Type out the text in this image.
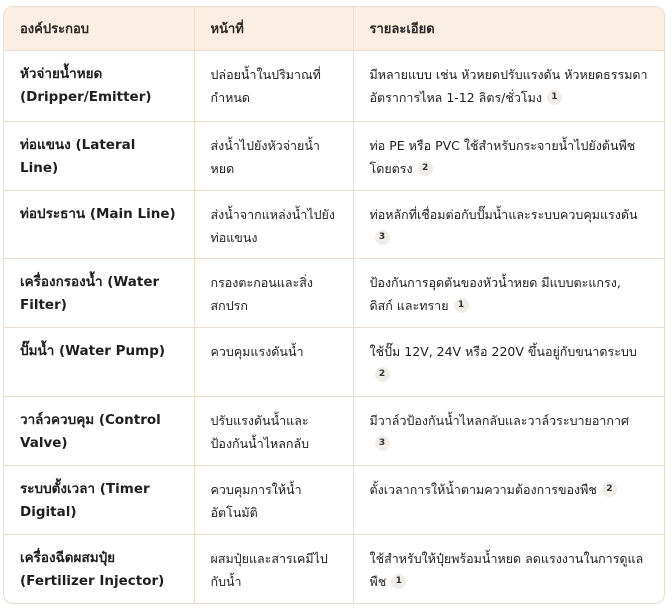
องค์ประกอบ	หน้าที่	รายละเอียด
หัวจ่ายน้ำหยด (Dripper/Emitter)	ปล่อยน้ำในปริมาณที่กำหนด	มีหลายแบบ เช่น หัวหยดปรับแรงดัน หัวหยดธรรมดา อัตราการไหล 1-12 ลิตร/ชั่วโมง 1
ท่อแขนง (Lateral Line)	ส่งน้ำไปยังหัวจ่ายน้ำหยด	ท่อ PE หรือ PVC ใช้สำหรับกระจายน้ำไปยังต้นพืชโดยตรง 2
ท่อประธาน (Main Line)	ส่งน้ำจากแหล่งน้ำไปยังท่อแขนง	ท่อหลักที่เชื่อมต่อกับปั๊มน้ำและระบบควบคุมแรงดัน3
เครื่องกรองน้ำ (Water Filter)	กรองตะกอนและสิ่งสกปรก	ป้องกันการอุดตันของหัวน้ำหยด มีแบบตะแกรง, ดิสก์ และทราย 1
ปั๊มน้ำ (Water Pump)	ควบคุมแรงดันน้ำ	ใช้ปั๊ม 12V, 24V หรือ 220V ขึ้นอยู่กับขนาดระบบ2
วาล์วควบคุม (Control Valve)	ปรับแรงดันน้ำและป้องกันน้ำไหลกลับ	มีวาล์วป้องกันน้ำไหลกลับและวาล์วระบายอากาศ3
ระบบตั้งเวลา (Timer Digital)	ควบคุมการให้น้ำอัตโนมัติ	ตั้งเวลาการให้น้ำตามความต้องการของพืช 2
เครื่องฉีดผสมปุ๋ย (Fertilizer Injector)	ผสมปุ๋ยและสารเคมีไปกับน้ำ	ใช้สำหรับให้ปุ๋ยพร้อมน้ำหยด ลดแรงงานในการดูแลพืช 1
